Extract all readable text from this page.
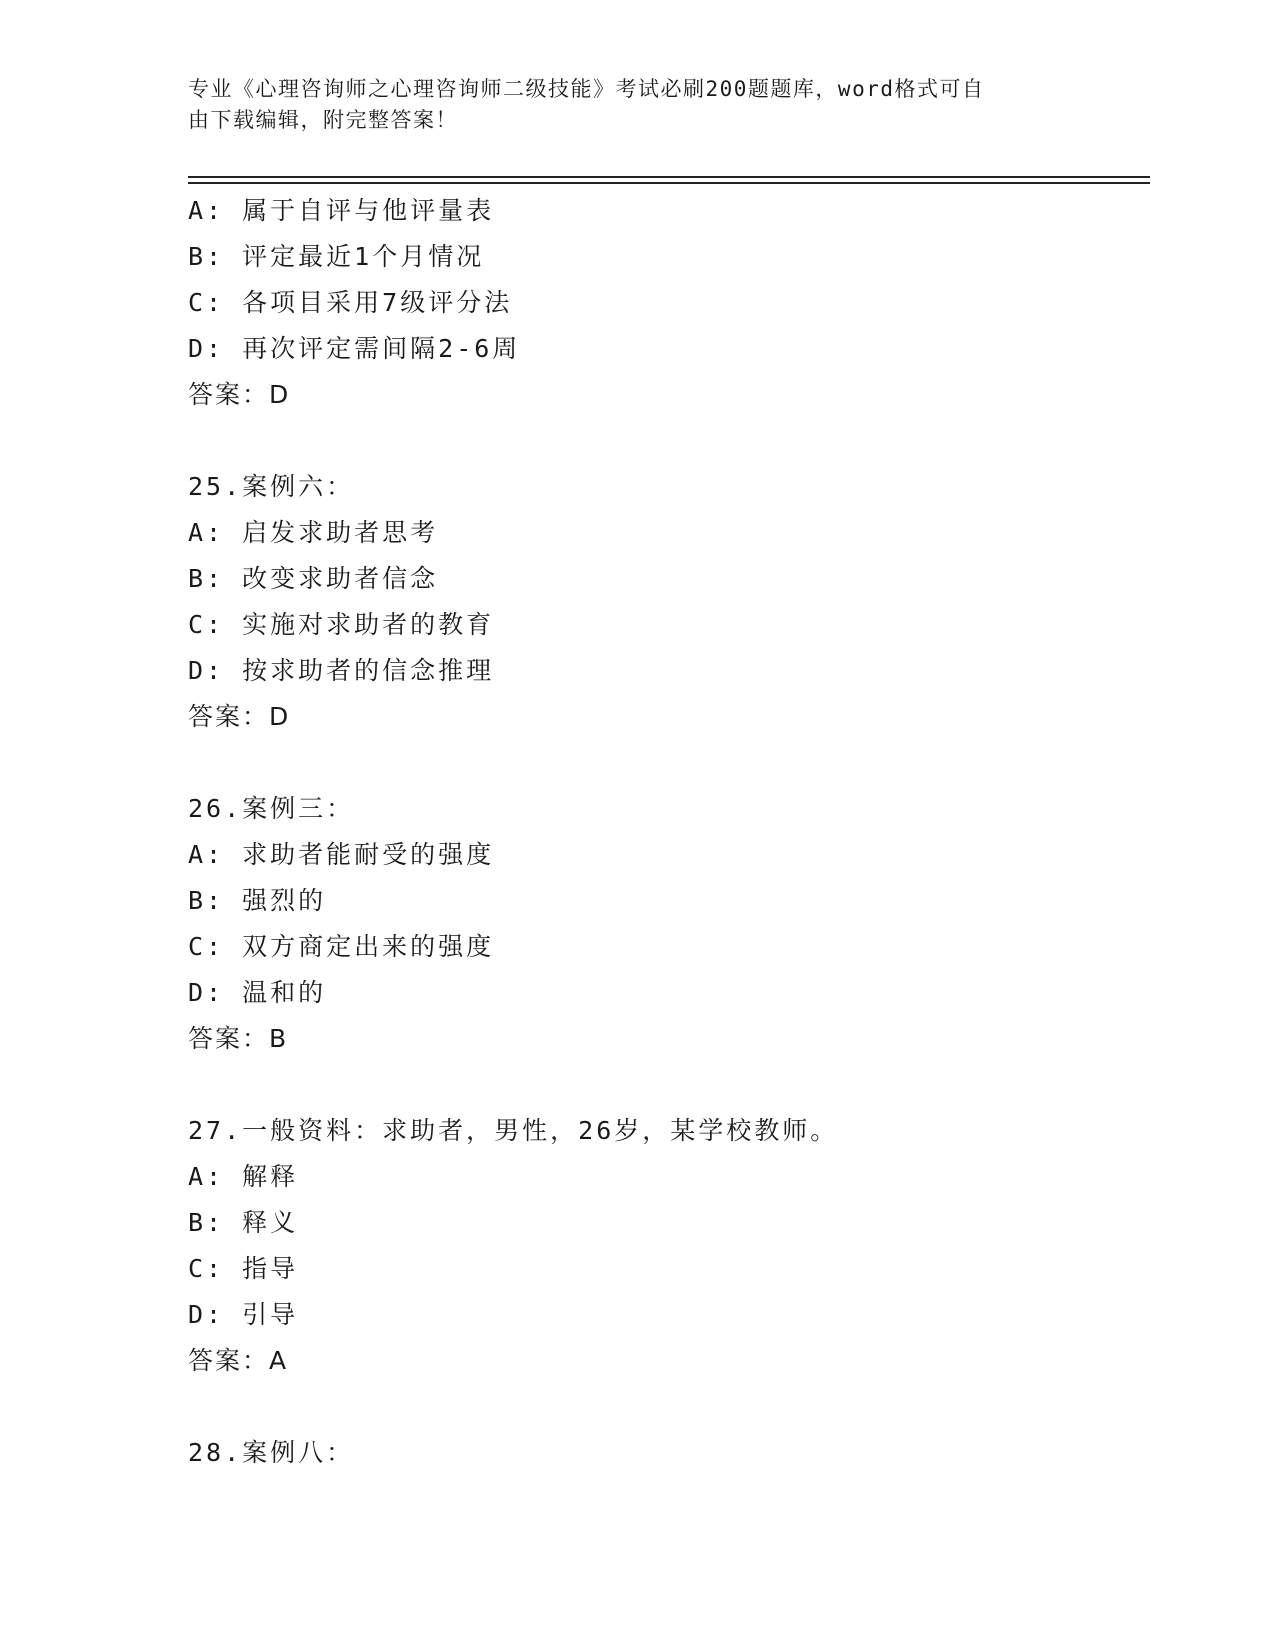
专业《心理咨询师之心理咨询师二级技能》考试必刷200题题库，word格式可自
由下载编辑，附完整答案！
A: 属于自评与他评量表
B: 评定最近1个月情况
C: 各项目采用7级评分法
D: 再次评定需间隔2-6周
答案：D
25.案例六：
A: 启发求助者思考
B: 改变求助者信念
C: 实施对求助者的教育
D: 按求助者的信念推理
答案：D
26.案例三：
A: 求助者能耐受的强度
B: 强烈的
C: 双方商定出来的强度
D: 温和的
答案：B
27.一般资料：求助者，男性，26岁，某学校教师。
A: 解释
B: 释义
C: 指导
D: 引导
答案：A
28.案例八：
